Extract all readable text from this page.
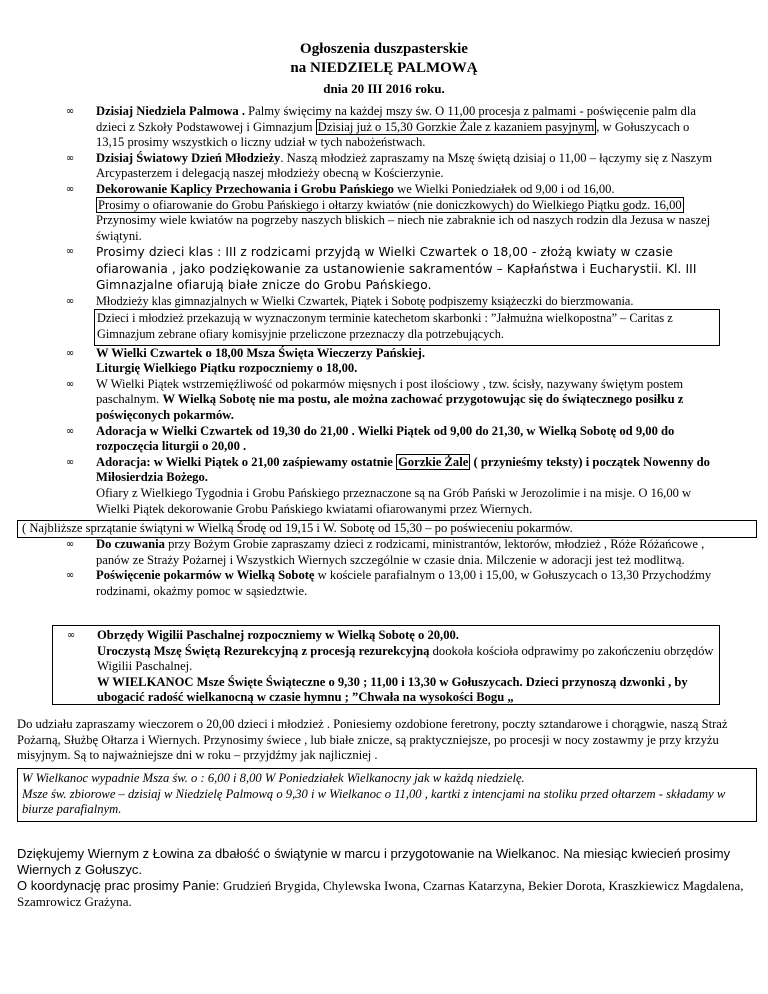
Ogłoszenia duszpasterskie
na NIEDZIELĘ PALMOWĄ
dnia 20 III 2016 roku.
∞	Dzisiaj Niedziela Palmowa . Palmy święcimy na każdej mszy św. O 11,00 procesja z palmami - poświęcenie palm dla dzieci z Szkoły Podstawowej i Gimnazjum Dzisiaj już o 15,30 Gorzkie Żale z kazaniem pasyjnym , w Gołuszycach o 13,15 prosimy wszystkich o liczny udział w tych nabożeństwach.
∞	Dzisiaj Światowy Dzień Młodzieży. Naszą młodzież zapraszamy na Mszę świętą dzisiaj o 11,00 – łączymy się z Naszym Arcypasterzem i delegacją naszej młodzieży obecną w Kościerzynie.
∞	Dekorowanie Kaplicy Przechowania i Grobu Pańskiego we Wielki Poniedziałek od 9,00 i od 16,00.
Prosimy o ofiarowanie do Grobu Pańskiego i ołtarzy kwiatów (nie doniczkowych) do Wielkiego Piątku godz. 16,00 Przynosimy wiele kwiatów na pogrzeby naszych bliskich – niech nie zabraknie ich od naszych rodzin dla Jezusa w naszej świątyni.
∞	Prosimy dzieci klas : III z rodzicami przyjdą w Wielki Czwartek o 18,00 - złożą kwiaty w czasie ofiarowania , jako podziękowanie za ustanowienie sakramentów – Kapłaństwa i Eucharystii. Kl. III Gimnazjalne ofiarują białe znicze do Grobu Pańskiego.
∞	Młodzieży klas gimnazjalnych w Wielki Czwartek, Piątek i Sobotę podpiszemy książeczki do bierzmowania.
Dzieci i młodzież przekazują w wyznaczonym terminie katechetom skarbonki : ”Jałmużna wielkopostna” – Caritas z Gimnazjum zebrane ofiary komisyjnie przeliczone przeznaczy dla potrzebujących.
∞	W Wielki Czwartek o 18,00 Msza Święta Wieczerzy Pańskiej.
Liturgię Wielkiego Piątku rozpoczniemy o 18,00.
∞	W Wielki Piątek wstrzemięźliwość od pokarmów mięsnych i post ilościowy , tzw. ścisły, nazywany świętym postem paschalnym. W Wielką Sobotę nie ma postu, ale można zachować przygotowując się do świątecznego posiłku z poświęconych pokarmów.
∞	Adoracja w Wielki Czwartek od 19,30 do 21,00 . Wielki Piątek od 9,00 do 21,30, w Wielką Sobotę od 9,00 do rozpoczęcia liturgii o 20,00 .
∞	Adoracja: w Wielki Piątek o 21,00 zaśpiewamy ostatnie Gorzkie Żale ( przynieśmy teksty) i początek Nowenny do Miłosierdzia Bożego.
Ofiary z Wielkiego Tygodnia i Grobu Pańskiego przeznaczone są na Grób Pański w Jerozolimie i na misje. O 16,00 w Wielki Piątek dekorowanie Grobu Pańskiego kwiatami ofiarowanymi przez Wiernych.
( Najbliższe sprzątanie świątyni w Wielką Środę od 19,15 i W. Sobotę od 15,30 – po poświeceniu pokarmów.
∞	Do czuwania przy Bożym Grobie zapraszamy dzieci z rodzicami, ministrantów, lektorów, młodzież , Róże Różańcowe , panów ze Straży Pożarnej i Wszystkich Wiernych szczególnie w czasie dnia. Milczenie w adoracji jest też modlitwą.
∞	Poświęcenie pokarmów w Wielką Sobotę w kościele parafialnym o 13,00 i 15,00, w Gołuszycach o 13,30 Przychodźmy rodzinami, okażmy pomoc w sąsiedztwie.
∞	Obrzędy Wigilii Paschalnej rozpoczniemy w Wielką Sobotę o 20,00.
Uroczystą Mszę Świętą Rezurekcyjną z procesją rezurekcyjną dookoła kościoła odprawimy po zakończeniu obrzędów Wigilii Paschalnej.
W WIELKANOC Msze Święte Świąteczne o 9,30 ; 11,00 i 13,30 w Gołuszycach. Dzieci przynoszą dzwonki , by ubogacić radość wielkanocną w czasie hymnu ; ”Chwała na wysokości Bogu „
Do udziału zapraszamy wieczorem o 20,00 dzieci i młodzież . Poniesiemy ozdobione feretrony, poczty sztandarowe i chorągwie, naszą Straż Pożarną, Służbę Ołtarza i Wiernych. Przynosimy świece , lub białe znicze, są praktyczniejsze, po procesji w nocy zostawmy je przy krzyżu misyjnym. Są to najważniejsze dni w roku – przyjdźmy jak najliczniej .
W Wielkanoc wypadnie Msza św. o : 6,00 i 8,00 W Poniedziałek Wielkanocny jak w każdą niedzielę.
Msze św. zbiorowe – dzisiaj w Niedzielę Palmową o 9,30 i w Wielkanoc o 11,00 , kartki z intencjami na stoliku przed ołtarzem - składamy w biurze parafialnym.
Dziękujemy Wiernym z Łowina za dbałość o świątynie w marcu i przygotowanie na Wielkanoc. Na miesiąc kwiecień prosimy Wiernych z Gołuszyc.
O koordynację prac prosimy Panie: Grudzień Brygida, Chylewska Iwona, Czarnas Katarzyna, Bekier Dorota, Kraszkiewicz Magdalena, Szamrowicz Grażyna.
